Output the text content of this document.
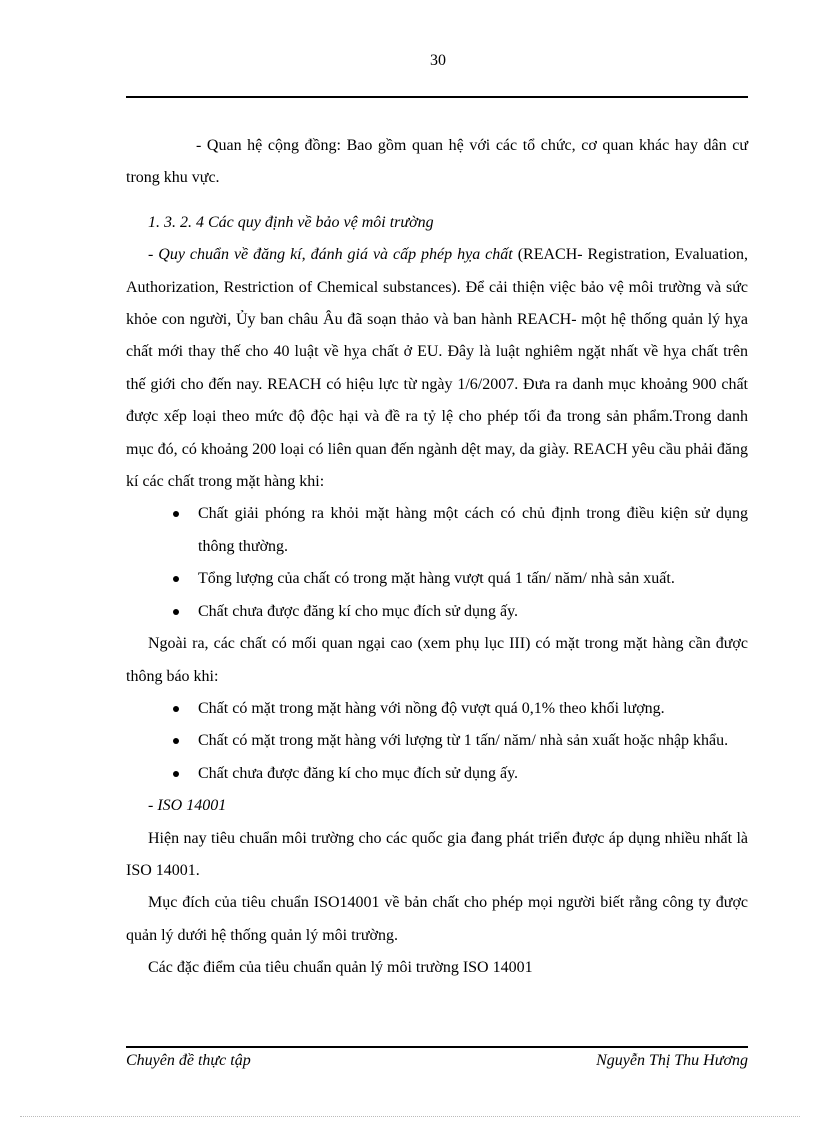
30

- Quan hệ cộng đồng: Bao gồm quan hệ với các tổ chức, cơ quan khác hay dân cư trong khu vực.

1. 3. 2. 4 Các quy định về bảo vệ môi trường

- Quy chuẩn về đăng kí, đánh giá và cấp phép hỵa chất (REACH- Registration, Evaluation, Authorization, Restriction of Chemical substances). Để cải thiện việc bảo vệ môi trường và sức khỏe con người, Ủy ban châu Âu đã soạn thảo và ban hành REACH- một hệ thống quản lý hỵa chất mới thay thế cho 40 luật về hỵa chất ở EU. Đây là luật nghiêm ngặt nhất về hỵa chất trên thế giới cho đến nay. REACH có hiệu lực từ ngày 1/6/2007. Đưa ra danh mục khoảng 900 chất được xếp loại theo mức độ độc hại và đề ra tỷ lệ cho phép tối đa trong sản phẩm.Trong danh mục đó, có khoảng 200 loại có liên quan đến ngành dệt may, da giày. REACH yêu cầu phải đăng kí các chất trong mặt hàng khi:

Chất giải phóng ra khỏi mặt hàng một cách có chủ định trong điều kiện sử dụng thông thường.
Tổng lượng của chất có trong mặt hàng vượt quá 1 tấn/ năm/ nhà sản xuất.
Chất chưa được đăng kí cho mục đích sử dụng ấy.

Ngoài ra, các chất có mối quan ngại cao (xem phụ lục III) có mặt trong mặt hàng cần được thông báo khi:

Chất có mặt trong mặt hàng với nồng độ vượt quá 0,1% theo khối lượng.
Chất có mặt trong mặt hàng với lượng từ 1 tấn/ năm/ nhà sản xuất hoặc nhập khẩu.
Chất chưa được đăng kí cho mục đích sử dụng ấy.

- ISO 14001

Hiện nay tiêu chuẩn môi trường cho các quốc gia đang phát triển được áp dụng nhiều nhất là ISO 14001.

Mục đích của tiêu chuẩn ISO14001 về bản chất cho phép mọi người biết rằng công ty được quản lý dưới hệ thống quản lý môi trường.

Các đặc điểm của tiêu chuẩn quản lý môi trường ISO 14001

Chuyên đề thực tập	Nguyễn Thị Thu Hương
